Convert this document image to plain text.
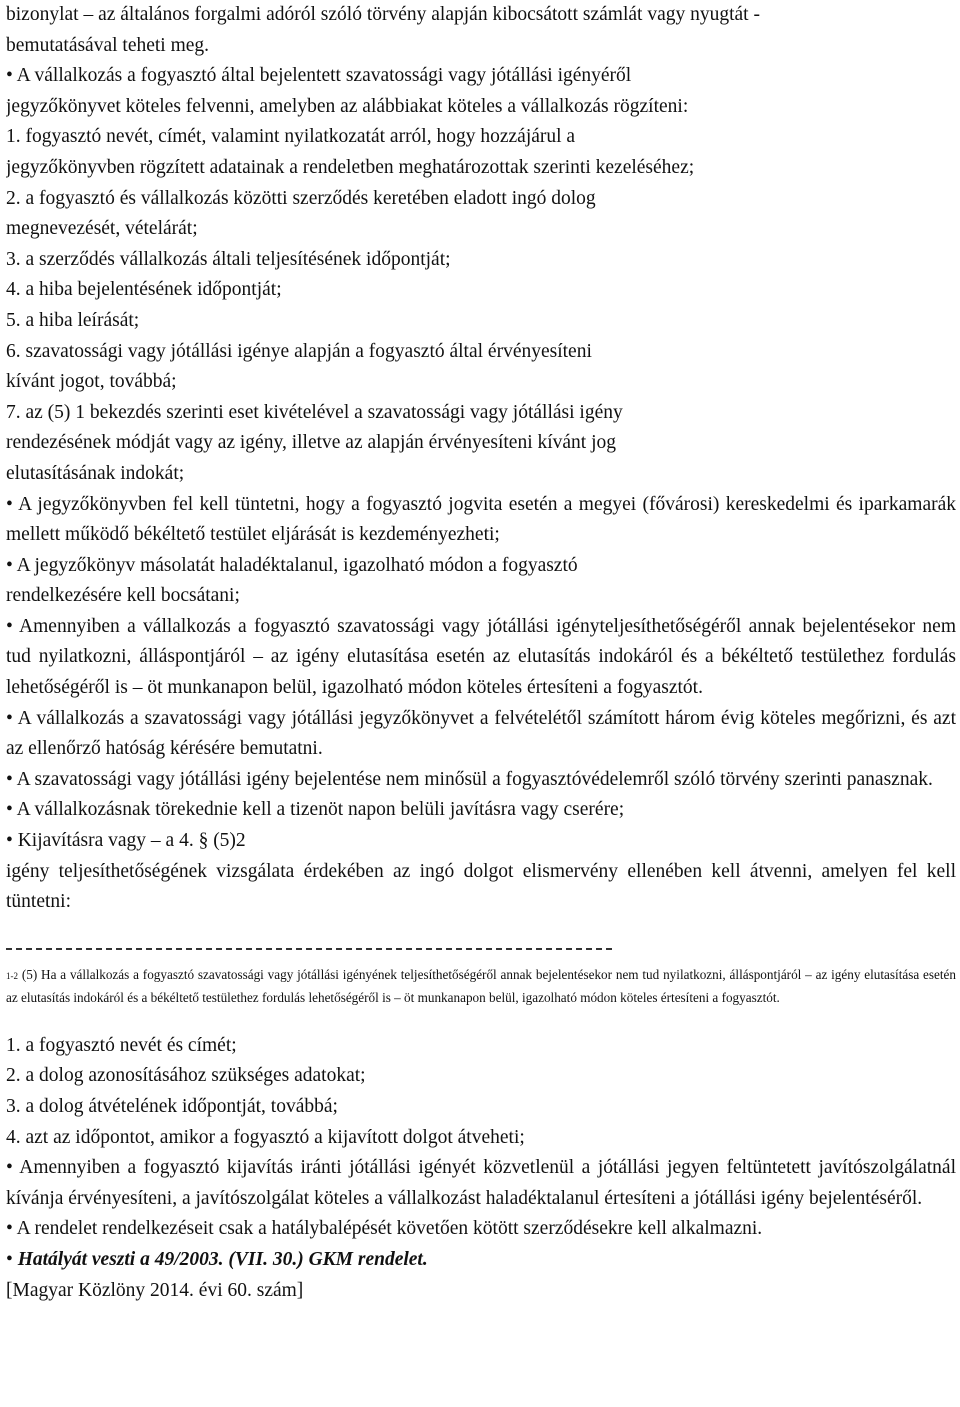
bizonylat – az általános forgalmi adóról szóló törvény alapján kibocsátott számlát vagy nyugtát -

bemutatásával teheti meg.

• A vállalkozás a fogyasztó által bejelentett szavatossági vagy jótállási igényéről

jegyzőkönyvet köteles felvenni, amelyben az alábbiakat köteles a vállalkozás rögzíteni:

1. fogyasztó nevét, címét, valamint nyilatkozatát arról, hogy hozzájárul a

jegyzőkönyvben rögzített adatainak a rendeletben meghatározottak szerinti kezeléséhez;

2. a fogyasztó és vállalkozás közötti szerződés keretében eladott ingó dolog

megnevezését, vételárát;

3. a szerződés vállalkozás általi teljesítésének időpontját;

4. a hiba bejelentésének időpontját;

5. a hiba leírását;

6. szavatossági vagy jótállási igénye alapján a fogyasztó által érvényesíteni

kívánt jogot, továbbá;

7. az (5) 1 bekezdés szerinti eset kivételével a szavatossági vagy jótállási igény

rendezésének módját vagy az igény, illetve az alapján érvényesíteni kívánt jog

elutasításának indokát;

• A jegyzőkönyvben fel kell tüntetni, hogy a fogyasztó jogvita esetén a megyei (fővárosi) kereskedelmi és iparkamarák mellett működő békéltető testület eljárását is kezdeményezheti;

• A jegyzőkönyv másolatát haladéktalanul, igazolható módon a fogyasztó

rendelkezésére kell bocsátani;

• Amennyiben a vállalkozás a fogyasztó szavatossági vagy jótállási igényteljesíthetőségéről annak bejelentésekor nem tud nyilatkozni, álláspontjáról – az igény elutasítása esetén az elutasítás indokáról és a békéltető testülethez fordulás lehetőségéről is – öt munkanapon belül, igazolható módon köteles értesíteni a fogyasztót.

• A vállalkozás a szavatossági vagy jótállási jegyzőkönyvet a felvételétől számított három évig köteles megőrizni, és azt az ellenőrző hatóság kérésére bemutatni.

• A szavatossági vagy jótállási igény bejelentése nem minősül a fogyasztóvédelemről szóló törvény szerinti panasznak.

• A vállalkozásnak törekednie kell a tizenöt napon belüli javításra vagy cserére;

• Kijavításra vagy – a 4. § (5)2

igény teljesíthetőségének vizsgálata érdekében az ingó dolgot elismervény ellenében kell átvenni, amelyen fel kell tüntetni:

1-2 (5) Ha a vállalkozás a fogyasztó szavatossági vagy jótállási igényének teljesíthetőségéről annak bejelentésekor nem tud nyilatkozni, álláspontjáról – az igény elutasítása esetén az elutasítás indokáról és a békéltető testülethez fordulás lehetőségéről is – öt munkanapon belül, igazolható módon köteles értesíteni a fogyasztót.

1. a fogyasztó nevét és címét;

2. a dolog azonosításához szükséges adatokat;

3. a dolog átvételének időpontját, továbbá;

4. azt az időpontot, amikor a fogyasztó a kijavított dolgot átveheti;

• Amennyiben a fogyasztó kijavítás iránti jótállási igényét közvetlenül a jótállási jegyen feltüntetett javítószolgálatnál kívánja érvényesíteni, a javítószolgálat köteles a vállalkozást haladéktalanul értesíteni a jótállási igény bejelentéséről.

• A rendelet rendelkezéseit csak a hatálybalépését követően kötött szerződésekre kell alkalmazni.

• Hatályát veszti a 49/2003. (VII. 30.) GKM rendelet.

[Magyar Közlöny 2014. évi 60. szám]
